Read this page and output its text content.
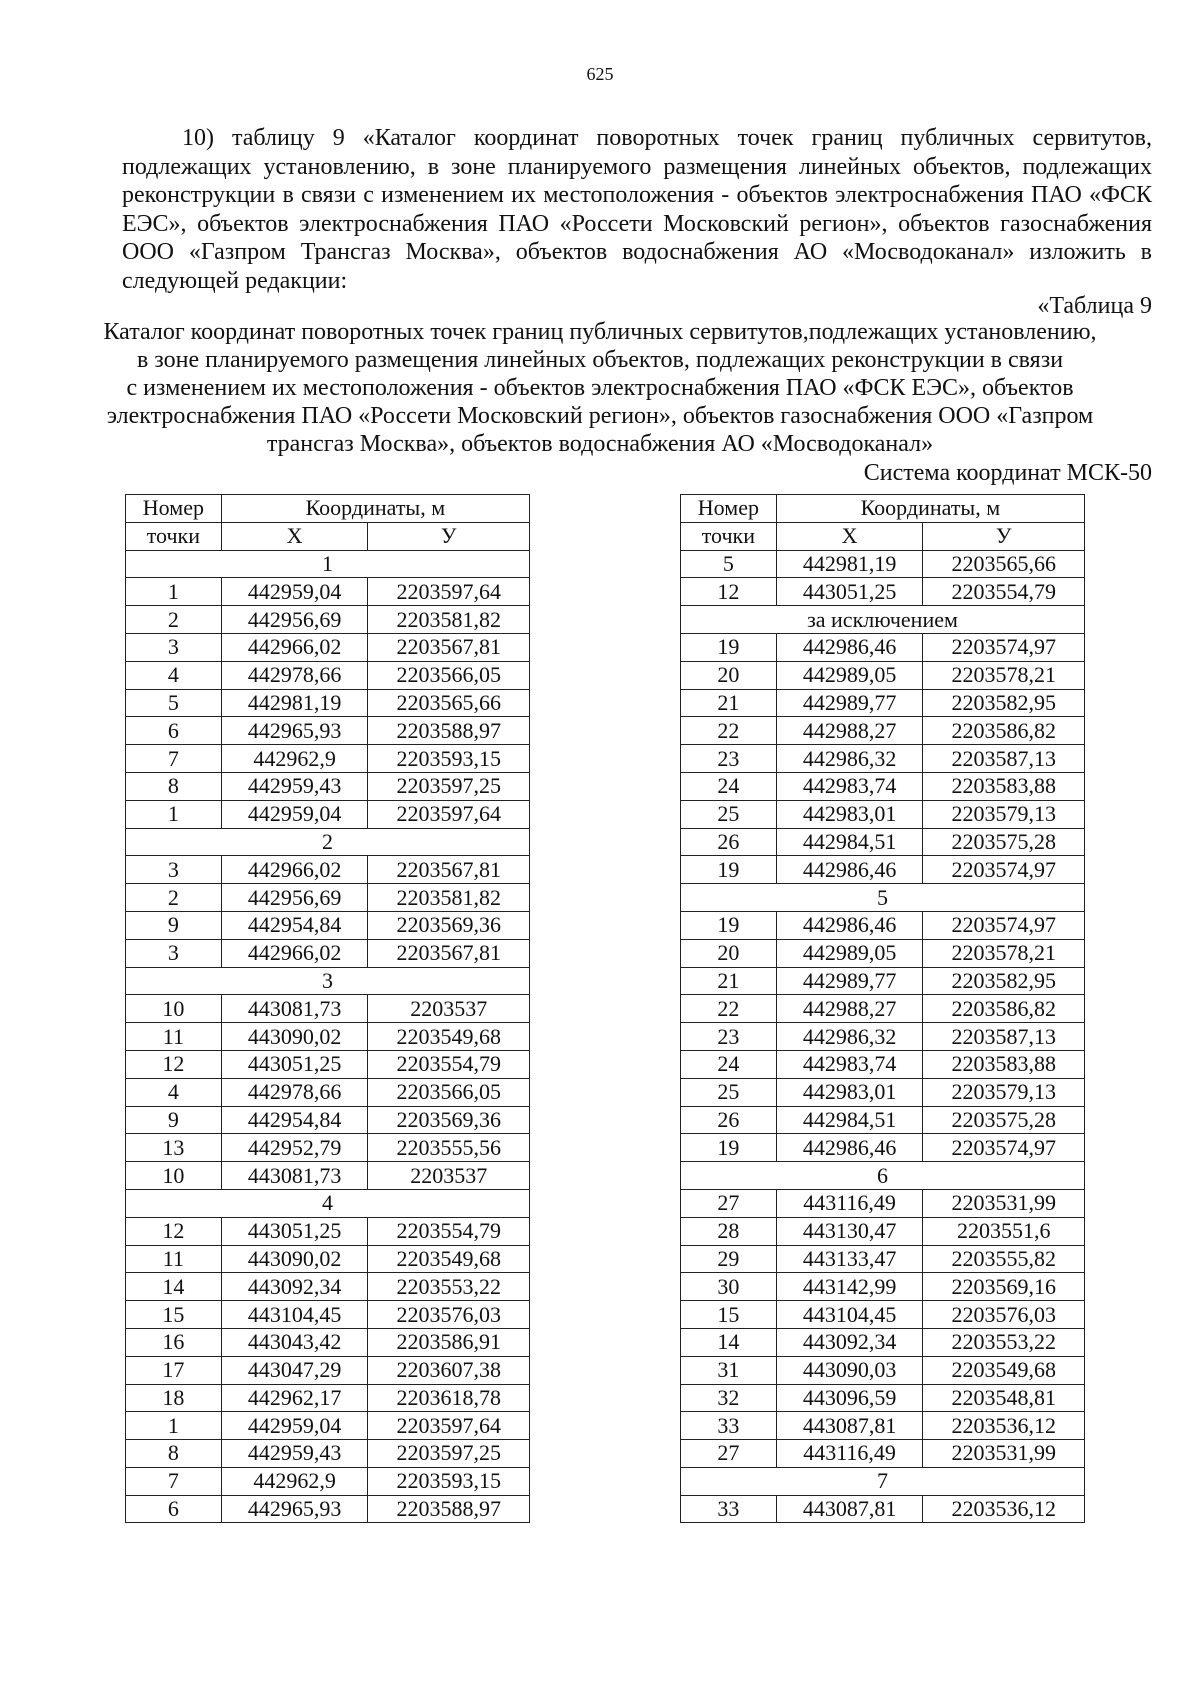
625

10) таблицу 9 «Каталог координат поворотных точек границ публичных сервитутов, подлежащих установлению, в зоне планируемого размещения линейных объектов, подлежащих реконструкции в связи с изменением их местоположения - объектов электроснабжения ПАО «ФСК ЕЭС», объектов электроснабжения ПАО «Россети Московский регион», объектов газоснабжения ООО «Газпром Трансгаз Москва», объектов водоснабжения АО «Мосводоканал» изложить в следующей редакции:

«Таблица 9
Каталог координат поворотных точек границ публичных сервитутов,подлежащих установлению,
в зоне планируемого размещения линейных объектов, подлежащих реконструкции в связи
с изменением их местоположения - объектов электроснабжения ПАО «ФСК ЕЭС», объектов
электроснабжения ПАО «Россети Московский регион», объектов газоснабжения ООО «Газпром
трансгаз Москва», объектов водоснабжения АО «Мосводоканал»
Система координат МСК-50
Номер	Координаты, м	
точки	X	У
1		
1	442959,04	2203597,64
2	442956,69	2203581,82
3	442966,02	2203567,81
4	442978,66	2203566,05
5	442981,19	2203565,66
6	442965,93	2203588,97
7	442962,9	2203593,15
8	442959,43	2203597,25
1	442959,04	2203597,64
2		
3	442966,02	2203567,81
2	442956,69	2203581,82
9	442954,84	2203569,36
3	442966,02	2203567,81
3		
10	443081,73	2203537
11	443090,02	2203549,68
12	443051,25	2203554,79
4	442978,66	2203566,05
9	442954,84	2203569,36
13	442952,79	2203555,56
10	443081,73	2203537
4		
12	443051,25	2203554,79
11	443090,02	2203549,68
14	443092,34	2203553,22
15	443104,45	2203576,03
16	443043,42	2203586,91
17	443047,29	2203607,38
18	442962,17	2203618,78
1	442959,04	2203597,64
8	442959,43	2203597,25
7	442962,9	2203593,15
6	442965,93	2203588,97
Номер	Координаты, м	
точки	X	У
5	442981,19	2203565,66
12	443051,25	2203554,79
за исключением		
19	442986,46	2203574,97
20	442989,05	2203578,21
21	442989,77	2203582,95
22	442988,27	2203586,82
23	442986,32	2203587,13
24	442983,74	2203583,88
25	442983,01	2203579,13
26	442984,51	2203575,28
19	442986,46	2203574,97
5		
19	442986,46	2203574,97
20	442989,05	2203578,21
21	442989,77	2203582,95
22	442988,27	2203586,82
23	442986,32	2203587,13
24	442983,74	2203583,88
25	442983,01	2203579,13
26	442984,51	2203575,28
19	442986,46	2203574,97
6		
27	443116,49	2203531,99
28	443130,47	2203551,6
29	443133,47	2203555,82
30	443142,99	2203569,16
15	443104,45	2203576,03
14	443092,34	2203553,22
31	443090,03	2203549,68
32	443096,59	2203548,81
33	443087,81	2203536,12
27	443116,49	2203531,99
7		
33	443087,81	2203536,12
